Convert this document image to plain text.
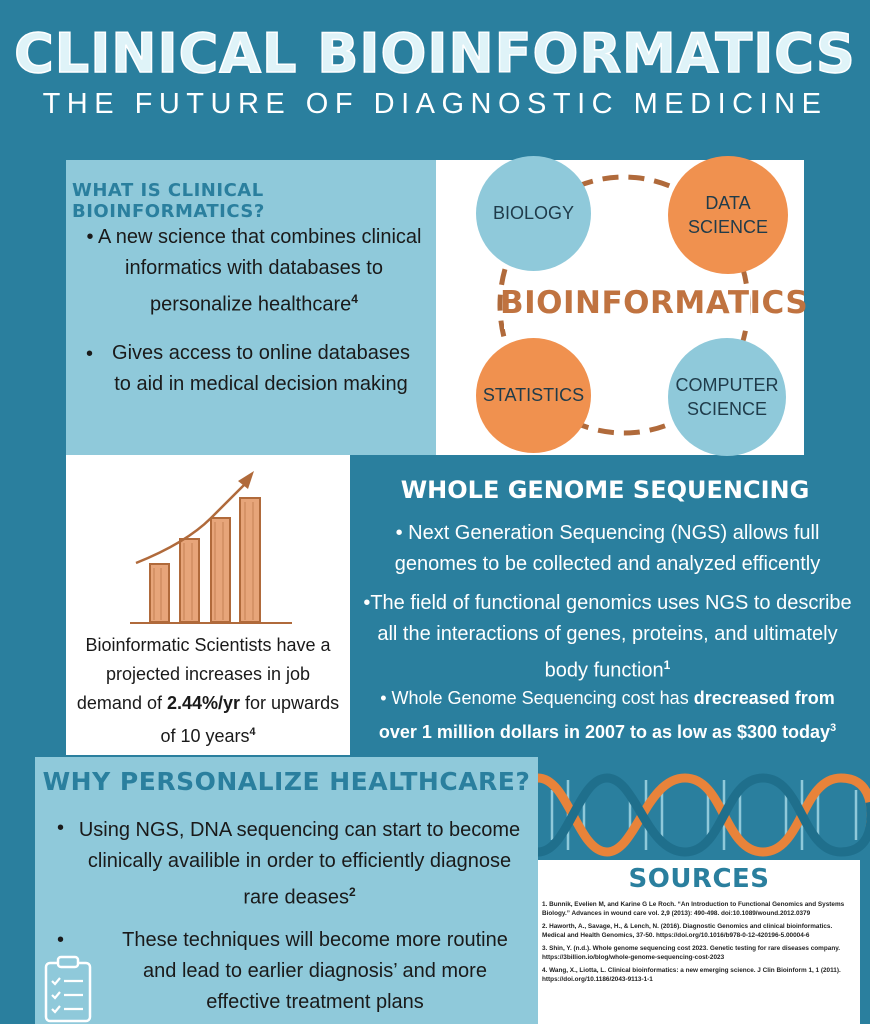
CLINICAL BIOINFORMATICS
THE FUTURE OF DIAGNOSTIC MEDICINE
WHAT IS CLINICAL BIOINFORMATICS?
• A new science that combines clinical informatics with databases to personalize healthcare$^4$
• Gives access to online databases to aid in medical decision making
BIOLOGY
DATA
SCIENCE
STATISTICS
COMPUTER
SCIENCE
BIOINFORMATICS
Bioinformatic Scientists have a projected increases in job demand of 2.44%/yr for upwards of 10 years$^4$
WHOLE GENOME SEQUENCING
• Next Generation Sequencing (NGS) allows full genomes to be collected and analyzed efficently
•The field of functional genomics uses NGS to describe all the interactions of genes, proteins, and ultimately body function$^1$
• Whole Genome Sequencing cost has drecreased from over 1 million dollars in 2007 to as low as $300 today$^3$
WHY PERSONALIZE HEALTHCARE?
• Using NGS, DNA sequencing can start to become clinically availible in order to efficiently diagnose rare deases$^2$
•	These techniques will become more routine and lead to earlier diagnosis’ and more effective treatment plans
SOURCES
1. Bunnik, Evelien M, and Karine G Le Roch. “An Introduction to Functional Genomics and Systems Biology.” Advances in wound care vol. 2,9 (2013): 490-498. doi:10.1089/wound.2012.0379
2. Haworth, A., Savage, H., & Lench, N. (2016). Diagnostic Genomics and clinical bioinformatics. Medical and Health Genomics, 37-50. https://doi.org/10.1016/b978-0-12-420196-5.00004-6
3. Shin, Y. (n.d.). Whole genome sequencing cost 2023. Genetic testing for rare diseases company. https://3billion.io/blog/whole-genome-sequencing-cost-2023
4. Wang, X., Liotta, L. Clinical bioinformatics: a new emerging science. J Clin Bioinform 1, 1 (2011). https://doi.org/10.1186/2043-9113-1-1
